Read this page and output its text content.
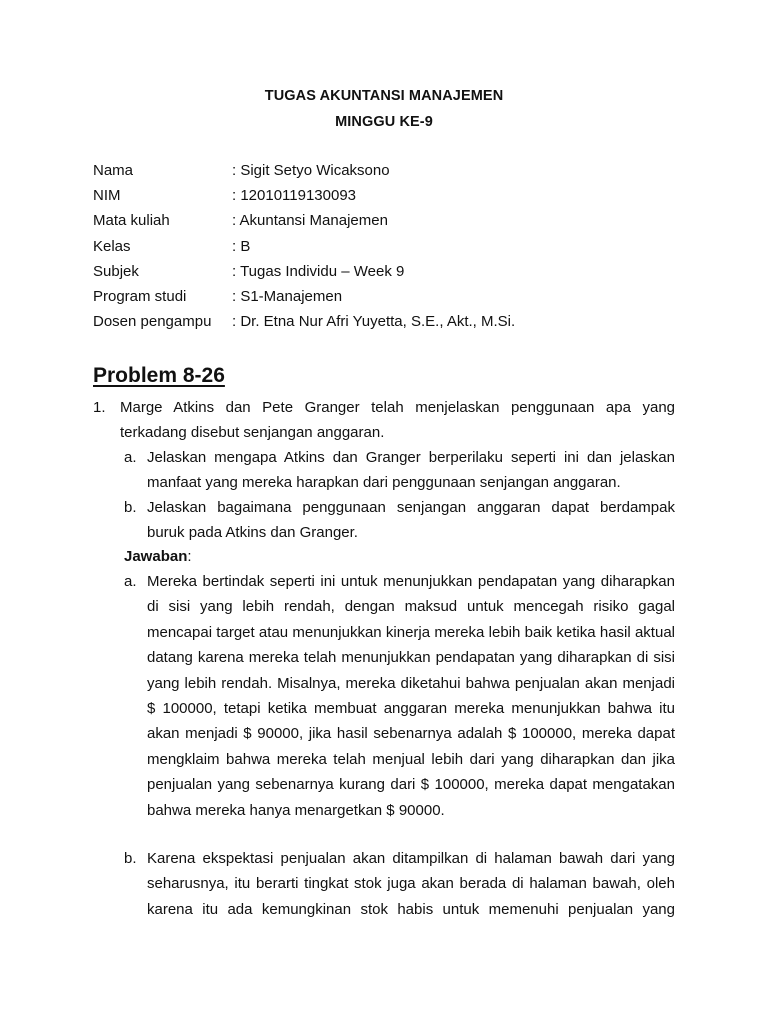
TUGAS AKUNTANSI MANAJEMEN
MINGGU KE-9
Nama	: Sigit Setyo Wicaksono
NIM	: 12010119130093
Mata kuliah	: Akuntansi Manajemen
Kelas	: B
Subjek	: Tugas Individu – Week 9
Program studi	: S1-Manajemen
Dosen pengampu : Dr. Etna Nur Afri Yuyetta, S.E., Akt., M.Si.
Problem 8-26
1. Marge Atkins dan Pete Granger telah menjelaskan penggunaan apa yang terkadang disebut senjangan anggaran.
a. Jelaskan mengapa Atkins dan Granger berperilaku seperti ini dan jelaskan manfaat yang mereka harapkan dari penggunaan senjangan anggaran.
b. Jelaskan bagaimana penggunaan senjangan anggaran dapat berdampak buruk pada Atkins dan Granger.
Jawaban:
a. Mereka bertindak seperti ini untuk menunjukkan pendapatan yang diharapkan di sisi yang lebih rendah, dengan maksud untuk mencegah risiko gagal mencapai target atau menunjukkan kinerja mereka lebih baik ketika hasil aktual datang karena mereka telah menunjukkan pendapatan yang diharapkan di sisi yang lebih rendah. Misalnya, mereka diketahui bahwa penjualan akan menjadi $ 100000, tetapi ketika membuat anggaran mereka menunjukkan bahwa itu akan menjadi $ 90000, jika hasil sebenarnya adalah $ 100000, mereka dapat mengklaim bahwa mereka telah menjual lebih dari yang diharapkan dan jika penjualan yang sebenarnya kurang dari $ 100000, mereka dapat mengatakan bahwa mereka hanya menargetkan $ 90000.
b. Karena ekspektasi penjualan akan ditampilkan di halaman bawah dari yang seharusnya, itu berarti tingkat stok juga akan berada di halaman bawah, oleh karena itu ada kemungkinan stok habis untuk memenuhi penjualan yang
